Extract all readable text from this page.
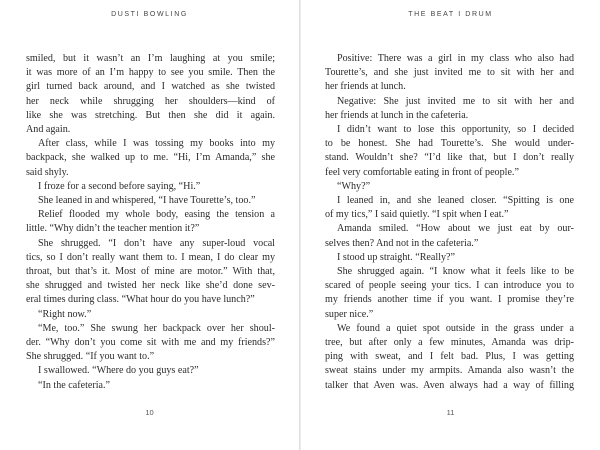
DUSTI BOWLING
smiled, but it wasn’t an I’m laughing at you smile;
it was more of an I’m happy to see you smile. Then the
girl turned back around, and I watched as she twisted
her neck while shrugging her shoulders—kind of
like she was stretching. But then she did it again.
And again.
After class, while I was tossing my books into my
backpack, she walked up to me. “Hi, I’m Amanda,” she
said shyly.
I froze for a second before saying, “Hi.”
She leaned in and whispered, “I have Tourette’s, too.”
Relief flooded my whole body, easing the tension a
little. “Why didn’t the teacher mention it?”
She shrugged. “I don’t have any super-loud vocal
tics, so I don’t really want them to. I mean, I do clear my
throat, but that’s it. Most of mine are motor.” With that,
she shrugged and twisted her neck like she’d done sev-
eral times during class. “What hour do you have lunch?”
“Right now.”
“Me, too.” She swung her backpack over her shoul-
der. “Why don’t you come sit with me and my friends?”
She shrugged. “If you want to.”
I swallowed. “Where do you guys eat?”
“In the cafeteria.”
10
THE BEAT I DRUM
Positive: There was a girl in my class who also had
Tourette’s, and she just invited me to sit with her and
her friends at lunch.
Negative: She just invited me to sit with her and
her friends at lunch in the cafeteria.
I didn’t want to lose this opportunity, so I decided
to be honest. She had Tourette’s. She would under-
stand. Wouldn’t she? “I’d like that, but I don’t really
feel very comfortable eating in front of people.”
“Why?”
I leaned in, and she leaned closer. “Spitting is one
of my tics,” I said quietly. “I spit when I eat.”
Amanda smiled. “How about we just eat by our-
selves then? And not in the cafeteria.”
I stood up straight. “Really?”
She shrugged again. “I know what it feels like to be
scared of people seeing your tics. I can introduce you to
my friends another time if you want. I promise they’re
super nice.”
We found a quiet spot outside in the grass under a
tree, but after only a few minutes, Amanda was drip-
ping with sweat, and I felt bad. Plus, I was getting
sweat stains under my armpits. Amanda also wasn’t the
talker that Aven was. Aven always had a way of filling
11
